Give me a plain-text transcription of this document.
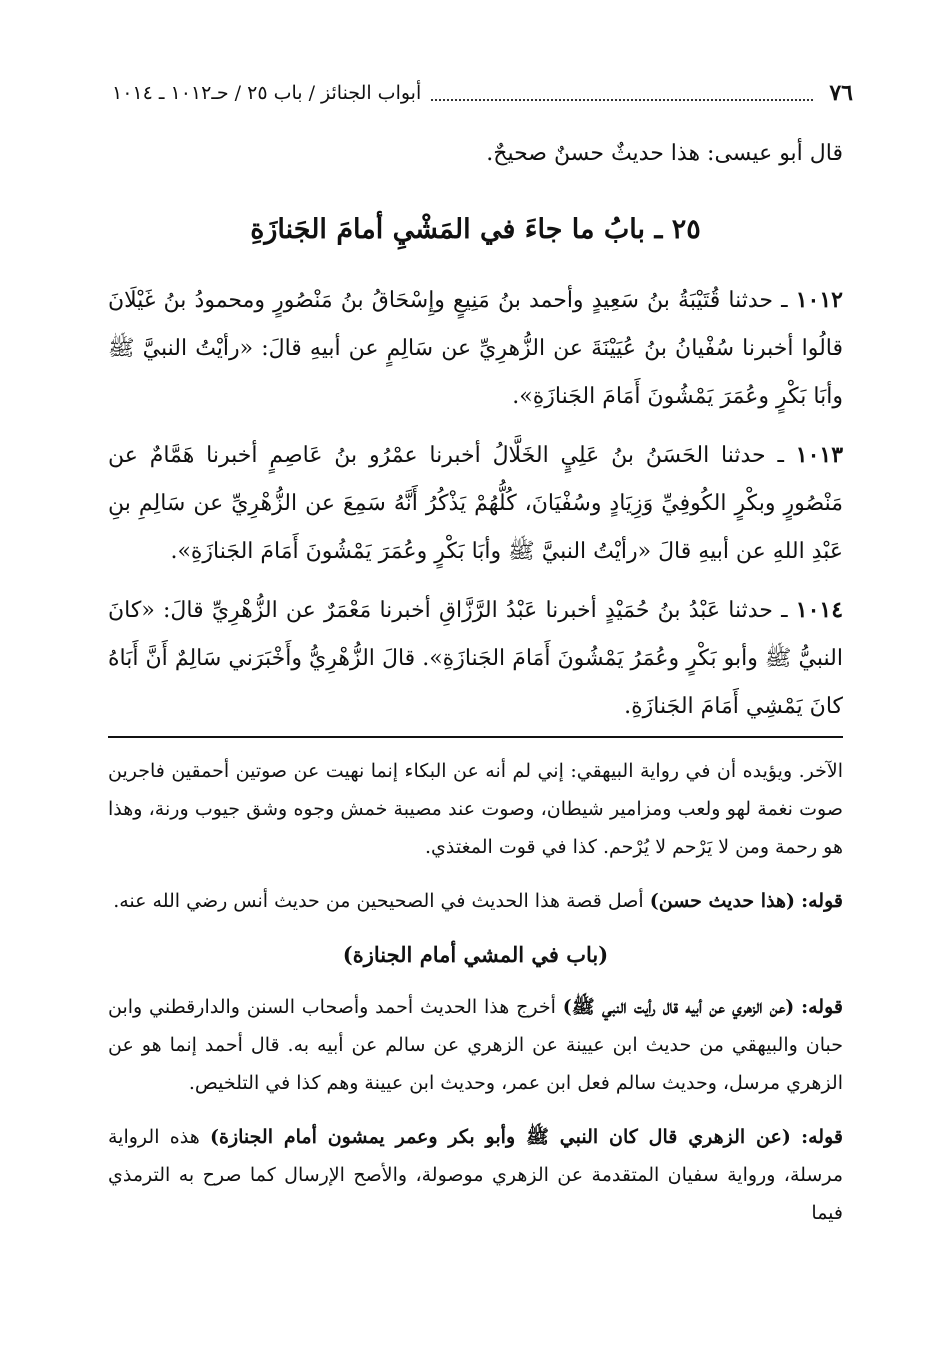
٧٦
أبواب الجنائز / باب ٢٥ / حـ١٠١٢ ـ ١٠١٤

قال أبو عيسى: هذا حديثٌ حسنٌ صحيحٌ.

٢٥ ـ بابُ ما جاءَ في المَشْيِ أمامَ الجَنازَةِ

١٠١٢ ـ حدثنا قُتَيْبَةُ بنُ سَعِيدٍ وأحمد بنُ مَنِيعٍ وإِسْحَاقُ بنُ مَنْصُورٍ ومحمودُ بنُ غَيْلَانَ قالُوا أخبرنا سُفْيانُ بنُ عُيَيْنَةَ عن الزُّهرِيِّ عن سَالِمٍ عن أبيهِ قالَ: «رأيْتُ النبيَّ ﷺ وأبَا بَكْرٍ وعُمَرَ يَمْشُونَ أَمَامَ الجَنازَةِ».

١٠١٣ ـ حدثنا الحَسَنُ بنُ عَلِيٍ الخَلَّالُ أخبرنا عمْرُو بنُ عَاصِمٍ أخبرنا هَمَّامٌ عن مَنْصُورٍ وبكْرٍ الكُوفِيِّ وَزِيَادٍ وسُفْيَانَ، كُلُّهُمْ يَذْكُرُ أَنَّهُ سَمِعَ عن الزُّهْرِيِّ عن سَالِمِ بنِ عَبْدِ اللهِ عن أبيهِ قالَ «رأيْتُ النبيَّ ﷺ وأبَا بَكْرٍ وعُمَرَ يَمْشُونَ أَمَامَ الجَنازَةِ».

١٠١٤ ـ حدثنا عَبْدُ بنُ حُمَيْدٍ أخبرنا عَبْدُ الرَّزَّاقِ أخبرنا مَعْمَرٌ عن الزُّهْرِيِّ قالَ: «كانَ النبيُّ ﷺ وأبو بَكْرٍ وعُمَرُ يَمْشُونَ أَمَامَ الجَنازَةِ». قالَ الزُّهْرِيُّ وأَخْبَرَني سَالِمٌ أَنَّ أَبَاهُ كانَ يَمْشِي أَمَامَ الجَنازَةِ.

الآخر. ويؤيده أن في رواية البيهقي: إني لم أنه عن البكاء إنما نهيت عن صوتين أحمقين فاجرين صوت نغمة لهو ولعب ومزامير شيطان، وصوت عند مصيبة خمش وجوه وشق جيوب ورنة، وهذا هو رحمة ومن لا يَرْحم لا يُرْحم. كذا في قوت المغتذي.

قوله: (هذا حديث حسن) أصل قصة هذا الحديث في الصحيحين من حديث أنس رضي الله عنه.

(باب في المشي أمام الجنازة)

قوله: (عن الزهري عن أبيه قال رأيت النبي ﷺ) أخرج هذا الحديث أحمد وأصحاب السنن والدارقطني وابن حبان والبيهقي من حديث ابن عيينة عن الزهري عن سالم عن أبيه به. قال أحمد إنما هو عن الزهري مرسل، وحديث سالم فعل ابن عمر، وحديث ابن عيينة وهم كذا في التلخيص.

قوله: (عن الزهري قال كان النبي ﷺ وأبو بكر وعمر يمشون أمام الجنازة) هذه الرواية مرسلة، ورواية سفيان المتقدمة عن الزهري موصولة، والأصح الإرسال كما صرح به الترمذي فيما
